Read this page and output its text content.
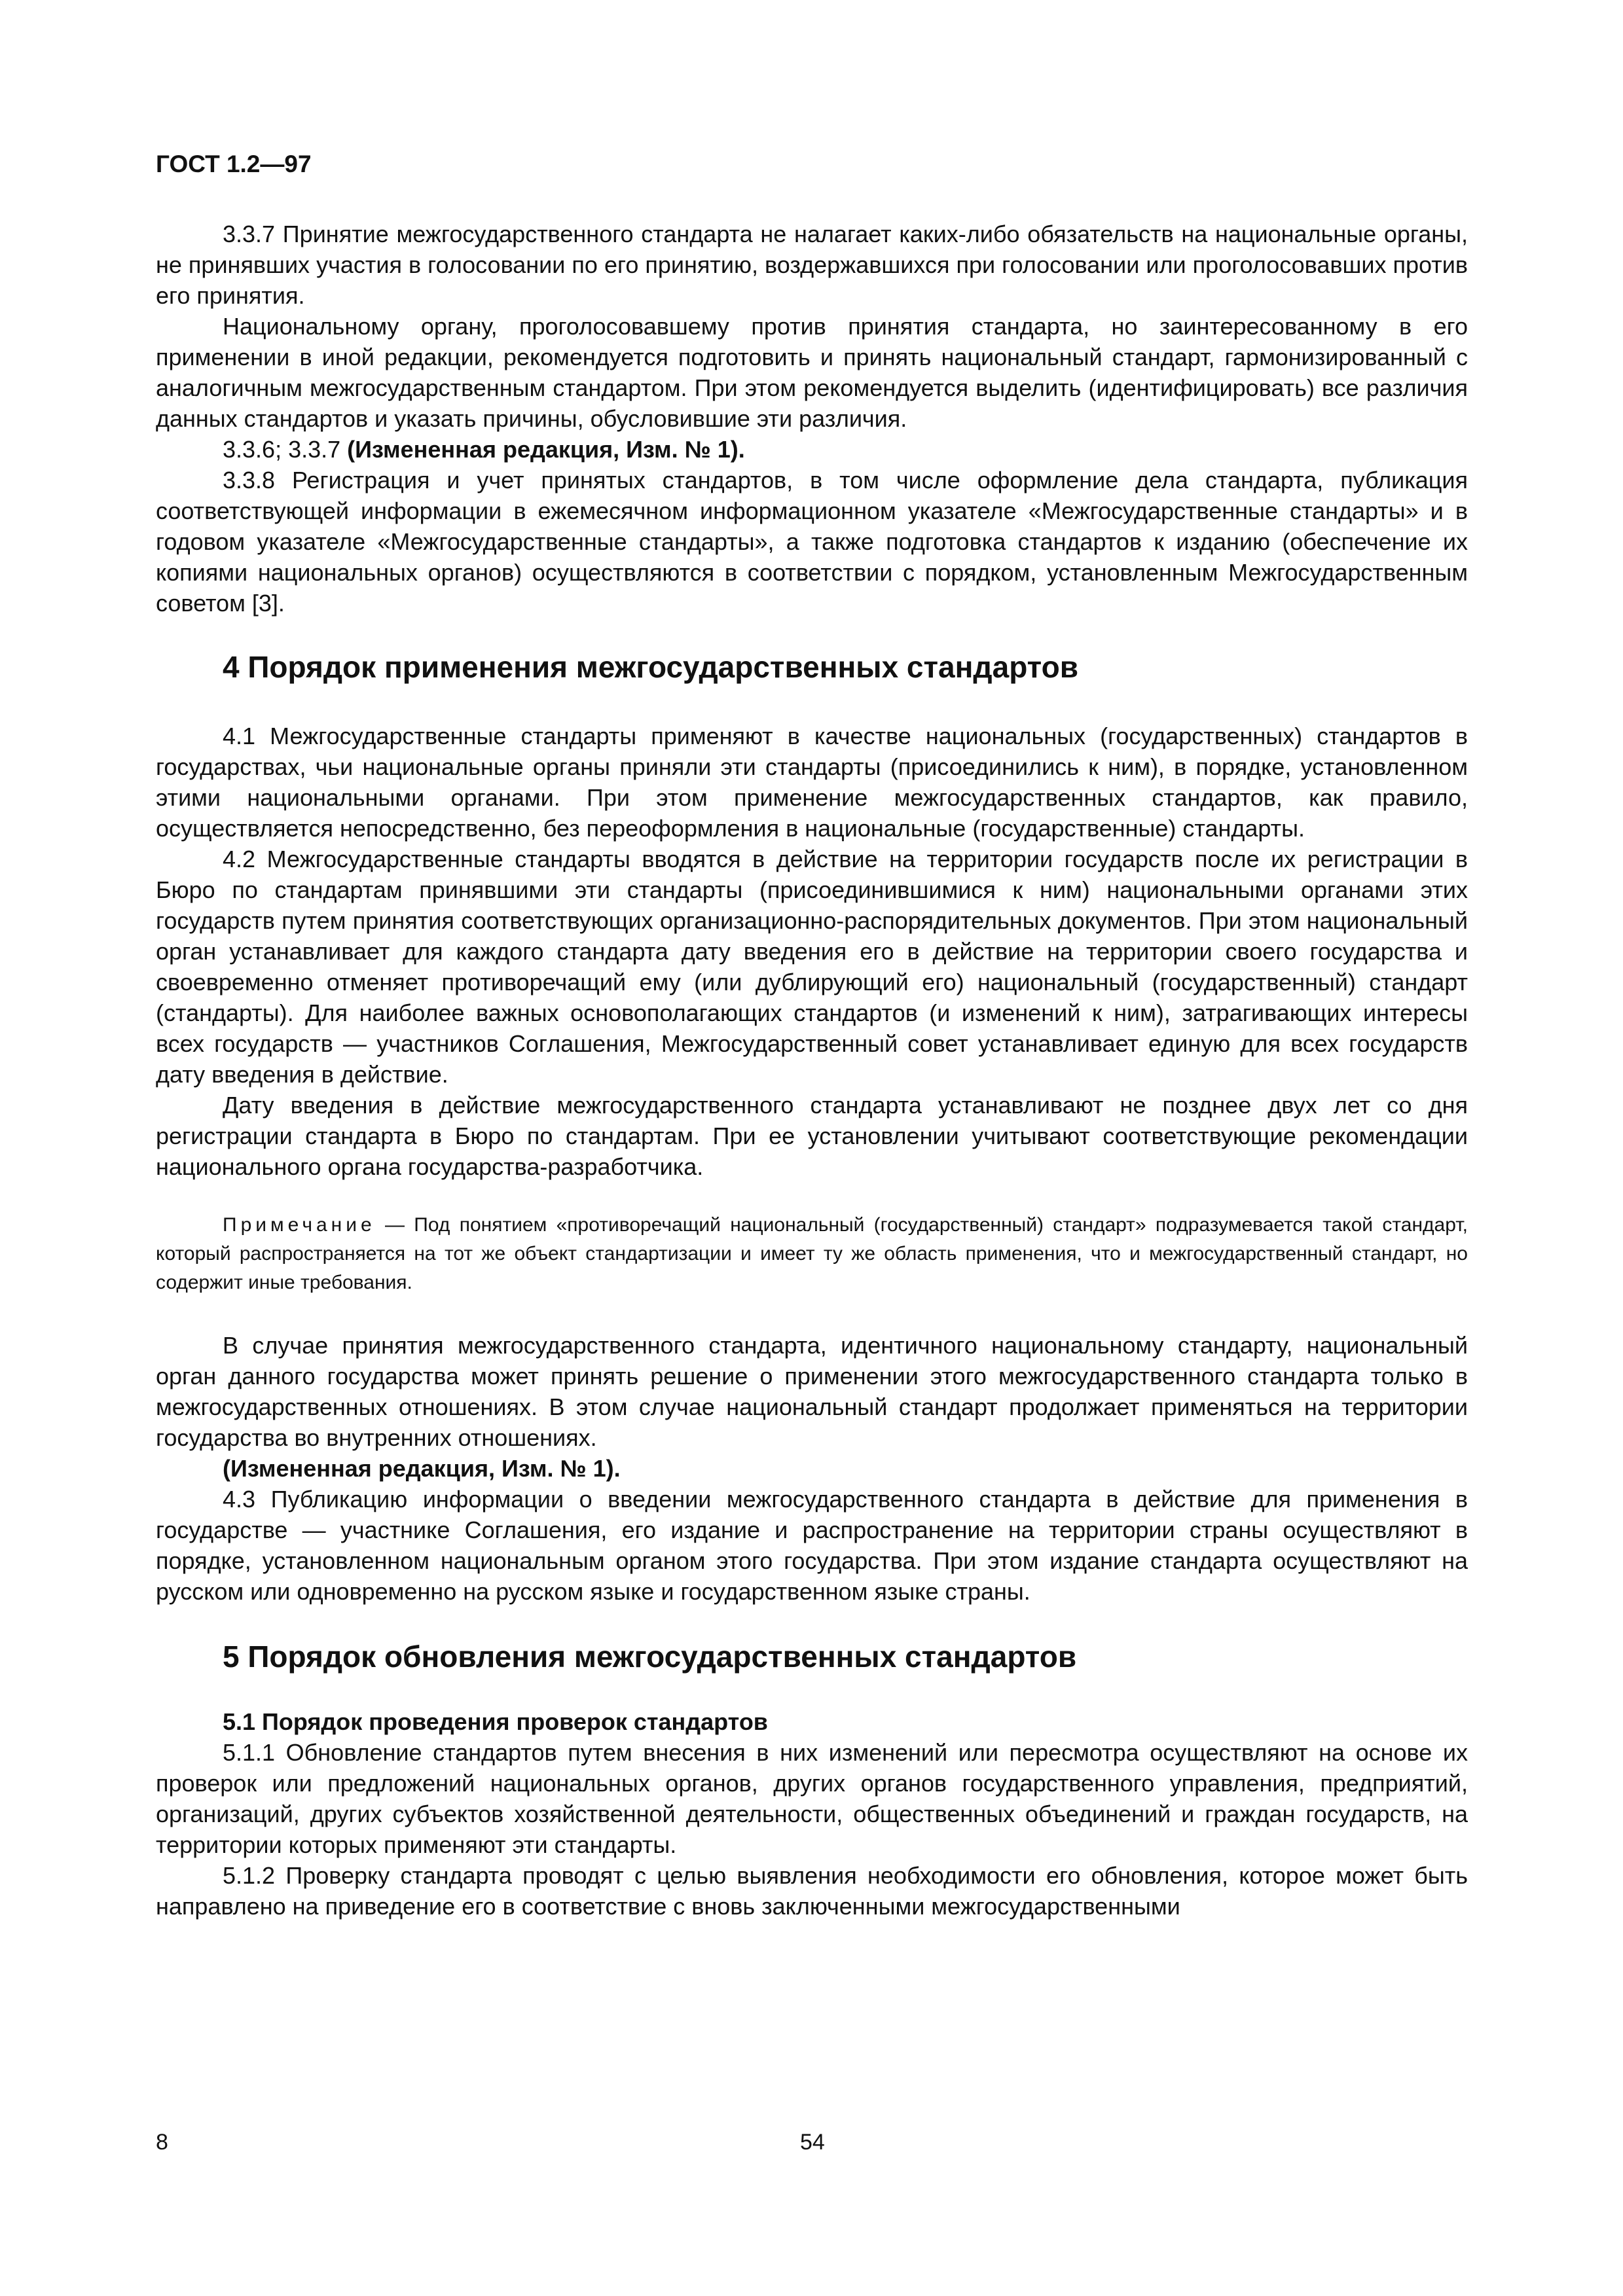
ГОСТ 1.2—97

3.3.7 Принятие межгосударственного стандарта не налагает каких-либо обязательств на национальные органы, не принявших участия в голосовании по его принятию, воздержавшихся при голосовании или проголосовавших против его принятия.

Национальному органу, проголосовавшему против принятия стандарта, но заинтересованному в его применении в иной редакции, рекомендуется подготовить и принять национальный стандарт, гармонизированный с аналогичным межгосударственным стандартом. При этом рекомендуется выделить (идентифицировать) все различия данных стандартов и указать причины, обусловившие эти различия.

3.3.6; 3.3.7 (Измененная редакция, Изм. № 1).

3.3.8 Регистрация и учет принятых стандартов, в том числе оформление дела стандарта, публикация соответствующей информации в ежемесячном информационном указателе «Межгосударственные стандарты» и в годовом указателе «Межгосударственные стандарты», а также подготовка стандартов к изданию (обеспечение их копиями национальных органов) осуществляются в соответствии с порядком, установленным Межгосударственным советом [3].

4 Порядок применения межгосударственных стандартов

4.1 Межгосударственные стандарты применяют в качестве национальных (государственных) стандартов в государствах, чьи национальные органы приняли эти стандарты (присоединились к ним), в порядке, установленном этими национальными органами. При этом применение межгосударственных стандартов, как правило, осуществляется непосредственно, без переоформления в национальные (государственные) стандарты.

4.2 Межгосударственные стандарты вводятся в действие на территории государств после их регистрации в Бюро по стандартам принявшими эти стандарты (присоединившимися к ним) национальными органами этих государств путем принятия соответствующих организационно-распорядительных документов. При этом национальный орган устанавливает для каждого стандарта дату введения его в действие на территории своего государства и своевременно отменяет противоречащий ему (или дублирующий его) национальный (государственный) стандарт (стандарты). Для наиболее важных основополагающих стандартов (и изменений к ним), затрагивающих интересы всех государств — участников Соглашения, Межгосударственный совет устанавливает единую для всех государств дату введения в действие.

Дату введения в действие межгосударственного стандарта устанавливают не позднее двух лет со дня регистрации стандарта в Бюро по стандартам. При ее установлении учитывают соответствующие рекомендации национального органа государства-разработчика.

Примечание — Под понятием «противоречащий национальный (государственный) стандарт» подразумевается такой стандарт, который распространяется на тот же объект стандартизации и имеет ту же область применения, что и межгосударственный стандарт, но содержит иные требования.

В случае принятия межгосударственного стандарта, идентичного национальному стандарту, национальный орган данного государства может принять решение о применении этого межгосударственного стандарта только в межгосударственных отношениях. В этом случае национальный стандарт продолжает применяться на территории государства во внутренних отношениях.

(Измененная редакция, Изм. № 1).

4.3 Публикацию информации о введении межгосударственного стандарта в действие для применения в государстве — участнике Соглашения, его издание и распространение на территории страны осуществляют в порядке, установленном национальным органом этого государства. При этом издание стандарта осуществляют на русском или одновременно на русском языке и государственном языке страны.

5 Порядок обновления межгосударственных стандартов
5.1 Порядок проведения проверок стандартов

5.1.1 Обновление стандартов путем внесения в них изменений или пересмотра осуществляют на основе их проверок или предложений национальных органов, других органов государственного управления, предприятий, организаций, других субъектов хозяйственной деятельности, общественных объединений и граждан государств, на территории которых применяют эти стандарты.

5.1.2 Проверку стандарта проводят с целью выявления необходимости его обновления, которое может быть направлено на приведение его в соответствие с вновь заключенными межгосударственными

8	54
